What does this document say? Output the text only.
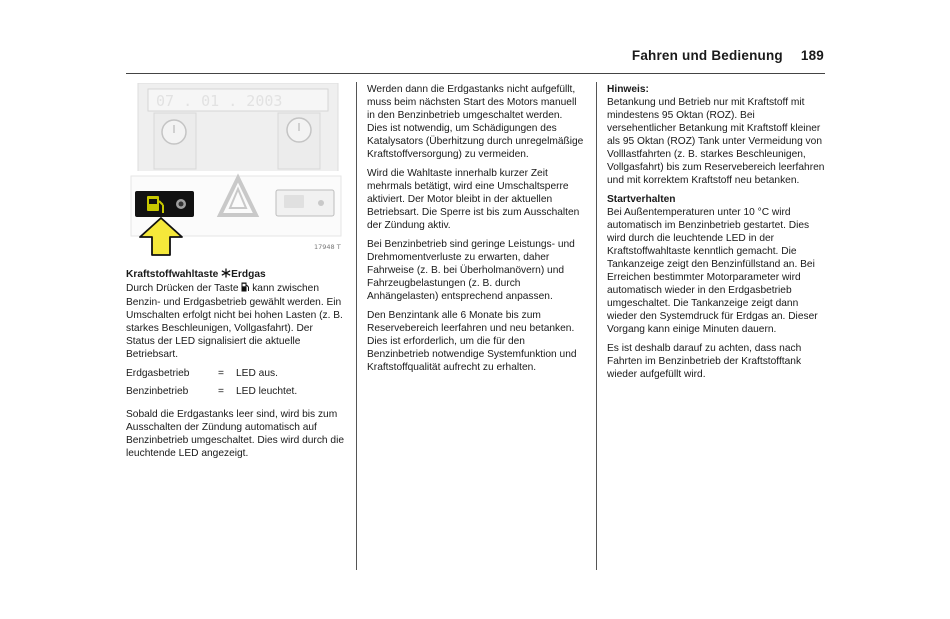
Fahren und Bedienung 189
07 . 01 . 2003
17948 T

Kraftstoffwahltaste Erdgas

Durch Drücken der Taste kann zwischen Benzin- und Erdgasbetrieb gewählt werden. Ein Umschalten erfolgt nicht bei hohen Lasten (z. B. starkes Beschleunigen, Vollgasfahrt). Der Status der LED signalisiert die aktuelle Betriebsart.

Erdgasbetrieb	=	LED aus.
Benzinbetrieb	=	LED leuchtet.

Sobald die Erdgastanks leer sind, wird bis zum Ausschalten der Zündung automatisch auf Benzinbetrieb umgeschaltet. Dies wird durch die leuchtende LED angezeigt.

Werden dann die Erdgastanks nicht aufgefüllt, muss beim nächsten Start des Motors manuell in den Benzinbetrieb umgeschaltet werden. Dies ist notwendig, um Schädigungen des Katalysators (Überhitzung durch unregelmäßige Kraftstoffversorgung) zu vermeiden.

Wird die Wahltaste innerhalb kurzer Zeit mehrmals betätigt, wird eine Umschaltsperre aktiviert. Der Motor bleibt in der aktuellen Betriebsart. Die Sperre ist bis zum Ausschalten der Zündung aktiv.

Bei Benzinbetrieb sind geringe Leistungs- und Drehmomentverluste zu erwarten, daher Fahrweise (z. B. bei Überholmanövern) und Fahrzeugbelastungen (z. B. durch Anhängelasten) entsprechend anpassen.

Den Benzintank alle 6 Monate bis zum Reservebereich leerfahren und neu betanken. Dies ist erforderlich, um die für den Benzinbetrieb notwendige Systemfunktion und Kraftstoffqualität aufrecht zu erhalten.

Hinweis:

Betankung und Betrieb nur mit Kraftstoff mit mindestens 95 Oktan (ROZ). Bei versehentlicher Betankung mit Kraftstoff kleiner als 95 Oktan (ROZ) Tank unter Vermeidung von Volllastfahrten (z. B. starkes Beschleunigen, Vollgasfahrt) bis zum Reservebereich leerfahren und mit korrektem Kraftstoff neu betanken.

Startverhalten

Bei Außentemperaturen unter 10 °C wird automatisch im Benzinbetrieb gestartet. Dies wird durch die leuchtende LED in der Kraftstoffwahltaste kenntlich gemacht. Die Tankanzeige zeigt den Benzinfüllstand an. Bei Erreichen bestimmter Motorparameter wird automatisch wieder in den Erdgasbetrieb umgeschaltet. Die Tankanzeige zeigt dann wieder den Systemdruck für Erdgas an. Dieser Vorgang kann einige Minuten dauern.

Es ist deshalb darauf zu achten, dass nach Fahrten im Benzinbetrieb der Kraftstofftank wieder aufgefüllt wird.
